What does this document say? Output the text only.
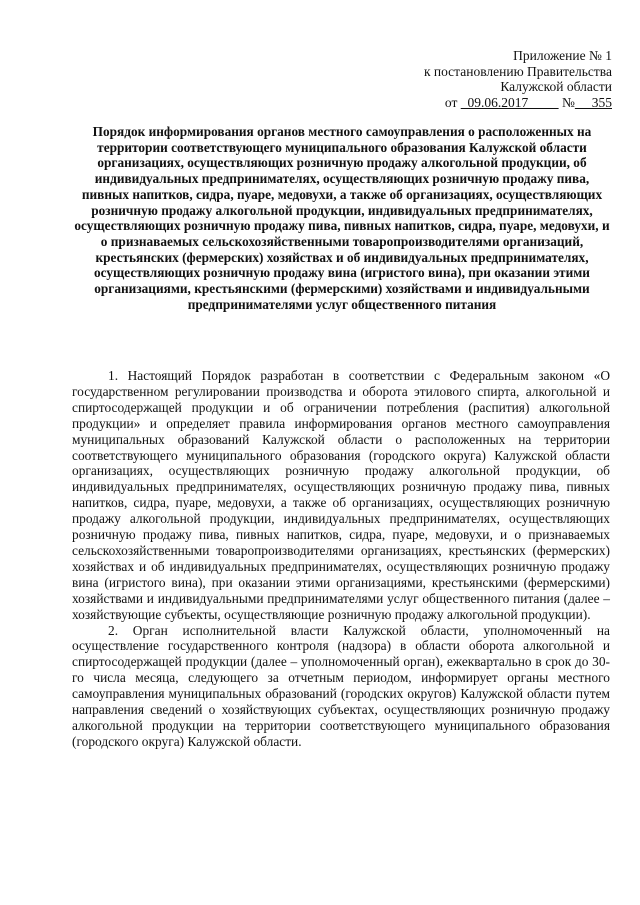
Приложение № 1
к постановлению Правительства
Калужской области
от   09.06.2017          №     355
Порядок информирования органов местного самоуправления о расположенных на территории соответствующего муниципального образования Калужской области организациях, осуществляющих розничную продажу алкогольной продукции, об индивидуальных предпринимателях, осуществляющих розничную продажу пива, пивных напитков, сидра, пуаре, медовухи, а также об организациях, осуществляющих розничную продажу алкогольной продукции, индивидуальных предпринимателях, осуществляющих розничную продажу пива, пивных напитков, сидра, пуаре, медовухи, и о признаваемых сельскохозяйственными товаропроизводителями организаций, крестьянских (фермерских) хозяйствах и об индивидуальных предпринимателях, осуществляющих розничную продажу вина (игристого вина), при оказании этими организациями, крестьянскими (фермерскими) хозяйствами и индивидуальными предпринимателями услуг общественного питания

1. Настоящий Порядок разработан в соответствии с Федеральным законом «О государственном регулировании производства и оборота этилового спирта, алкогольной и спиртосодержащей продукции и об ограничении потребления (распития) алкогольной продукции» и определяет правила информирования органов местного самоуправления муниципальных образований Калужской области о расположенных на территории соответствующего муниципального образования (городского округа) Калужской области организациях, осуществляющих розничную продажу алкогольной продукции, об индивидуальных предпринимателях, осуществляющих розничную продажу пива, пивных напитков, сидра, пуаре, медовухи, а также об организациях, осуществляющих розничную продажу алкогольной продукции, индивидуальных предпринимателях, осуществляющих розничную продажу пива, пивных напитков, сидра, пуаре, медовухи, и о признаваемых сельскохозяйственными товаропроизводителями организациях, крестьянских (фермерских) хозяйствах и об индивидуальных предпринимателях, осуществляющих розничную продажу вина (игристого вина), при оказании этими организациями, крестьянскими (фермерскими) хозяйствами и индивидуальными предпринимателями услуг общественного питания (далее – хозяйствующие субъекты, осуществляющие розничную продажу алкогольной продукции).

2. Орган исполнительной власти Калужской области, уполномоченный на осуществление государственного контроля (надзора) в области оборота алкогольной и спиртосодержащей продукции (далее – уполномоченный орган), ежеквартально в срок до 30-го числа месяца, следующего за отчетным периодом, информирует органы местного самоуправления муниципальных образований (городских округов) Калужской области путем направления сведений о хозяйствующих субъектах, осуществляющих розничную продажу алкогольной продукции на территории соответствующего муниципального образования (городского округа) Калужской области.
